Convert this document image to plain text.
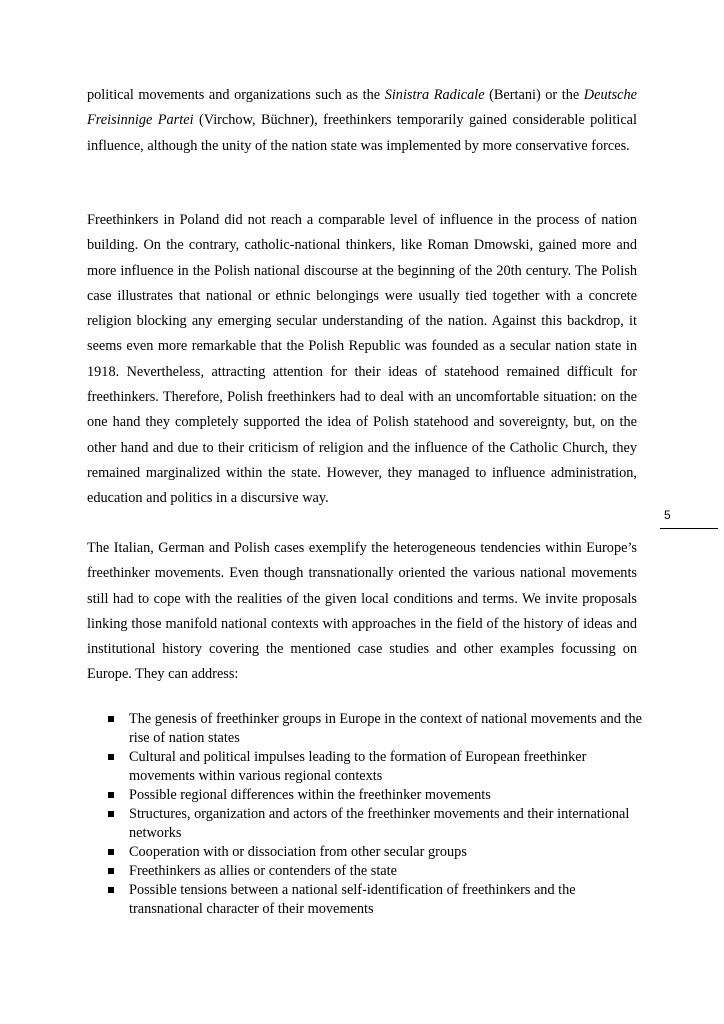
political movements and organizations such as the Sinistra Radicale (Bertani) or the Deutsche Freisinnige Partei (Virchow, Büchner), freethinkers temporarily gained considerable political influence, although the unity of the nation state was implemented by more conservative forces.

Freethinkers in Poland did not reach a comparable level of influence in the process of nation building. On the contrary, catholic-national thinkers, like Roman Dmowski, gained more and more influence in the Polish national discourse at the beginning of the 20th century. The Polish case illustrates that national or ethnic belongings were usually tied together with a concrete religion blocking any emerging secular understanding of the nation. Against this backdrop, it seems even more remarkable that the Polish Republic was founded as a secular nation state in 1918. Nevertheless, attracting attention for their ideas of statehood remained difficult for freethinkers. Therefore, Polish freethinkers had to deal with an uncomfortable situation: on the one hand they completely supported the idea of Polish statehood and sovereignty, but, on the other hand and due to their criticism of religion and the influence of the Catholic Church, they remained marginalized within the state. However, they managed to influence administration, education and politics in a discursive way.

5

The Italian, German and Polish cases exemplify the heterogeneous tendencies within Europe’s freethinker movements. Even though transnationally oriented the various national movements still had to cope with the realities of the given local conditions and terms. We invite proposals linking those manifold national contexts with approaches in the field of the history of ideas and institutional history covering the mentioned case studies and other examples focussing on Europe. They can address:

The genesis of freethinker groups in Europe in the context of national movements and the rise of nation states
Cultural and political impulses leading to the formation of European freethinker movements within various regional contexts
Possible regional differences within the freethinker movements
Structures, organization and actors of the freethinker movements and their international networks
Cooperation with or dissociation from other secular groups
Freethinkers as allies or contenders of the state
Possible tensions between a national self-identification of freethinkers and the transnational character of their movements
